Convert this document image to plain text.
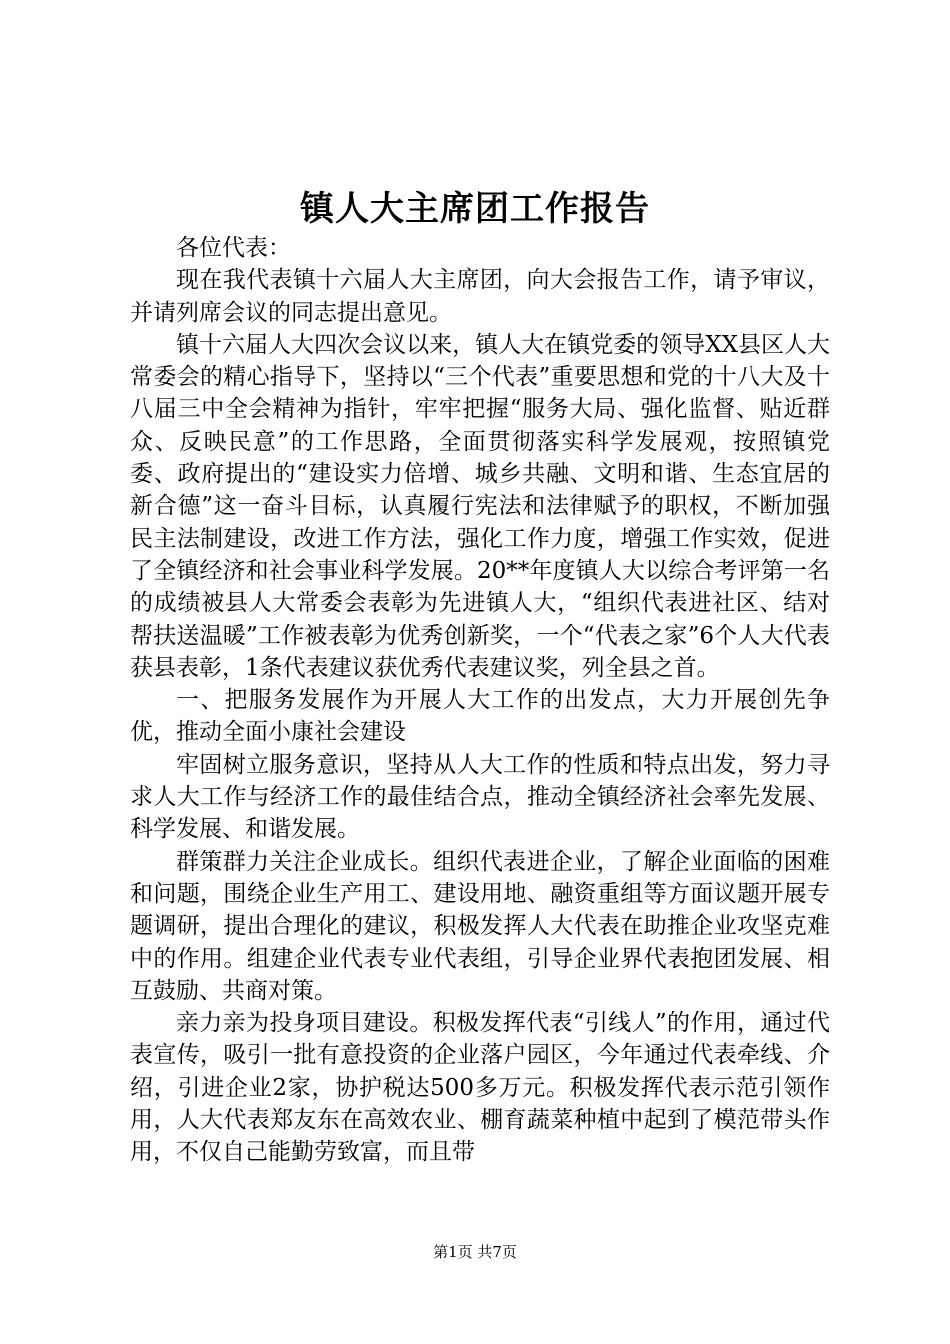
镇人大主席团工作报告

各位代表：

现在我代表镇十六届人大主席团，向大会报告工作，请予审议，并请列席会议的同志提出意见。

镇十六届人大四次会议以来，镇人大在镇党委的领导XX县区人大常委会的精心指导下，坚持以“三个代表”重要思想和党的十八大及十八届三中全会精神为指针，牢牢把握“服务大局、强化监督、贴近群众、反映民意”的工作思路，全面贯彻落实科学发展观，按照镇党委、政府提出的“建设实力倍增、城乡共融、文明和谐、生态宜居的新合德”这一奋斗目标，认真履行宪法和法律赋予的职权，不断加强民主法制建设，改进工作方法，强化工作力度，增强工作实效，促进了全镇经济和社会事业科学发展。20**年度镇人大以综合考评第一名的成绩被县人大常委会表彰为先进镇人大，“组织代表进社区、结对帮扶送温暖”工作被表彰为优秀创新奖，一个“代表之家”6个人大代表获县表彰，1条代表建议获优秀代表建议奖，列全县之首。

一、把服务发展作为开展人大工作的出发点，大力开展创先争优，推动全面小康社会建设

牢固树立服务意识，坚持从人大工作的性质和特点出发，努力寻求人大工作与经济工作的最佳结合点，推动全镇经济社会率先发展、科学发展、和谐发展。

群策群力关注企业成长。组织代表进企业，了解企业面临的困难和问题，围绕企业生产用工、建设用地、融资重组等方面议题开展专题调研，提出合理化的建议，积极发挥人大代表在助推企业攻坚克难中的作用。组建企业代表专业代表组，引导企业界代表抱团发展、相互鼓励、共商对策。

亲力亲为投身项目建设。积极发挥代表“引线人”的作用，通过代表宣传，吸引一批有意投资的企业落户园区，今年通过代表牵线、介绍，引进企业2家，协护税达500多万元。积极发挥代表示范引领作用，人大代表郑友东在高效农业、棚育蔬菜种植中起到了模范带头作用，不仅自己能勤劳致富，而且带

第1页 共7页
